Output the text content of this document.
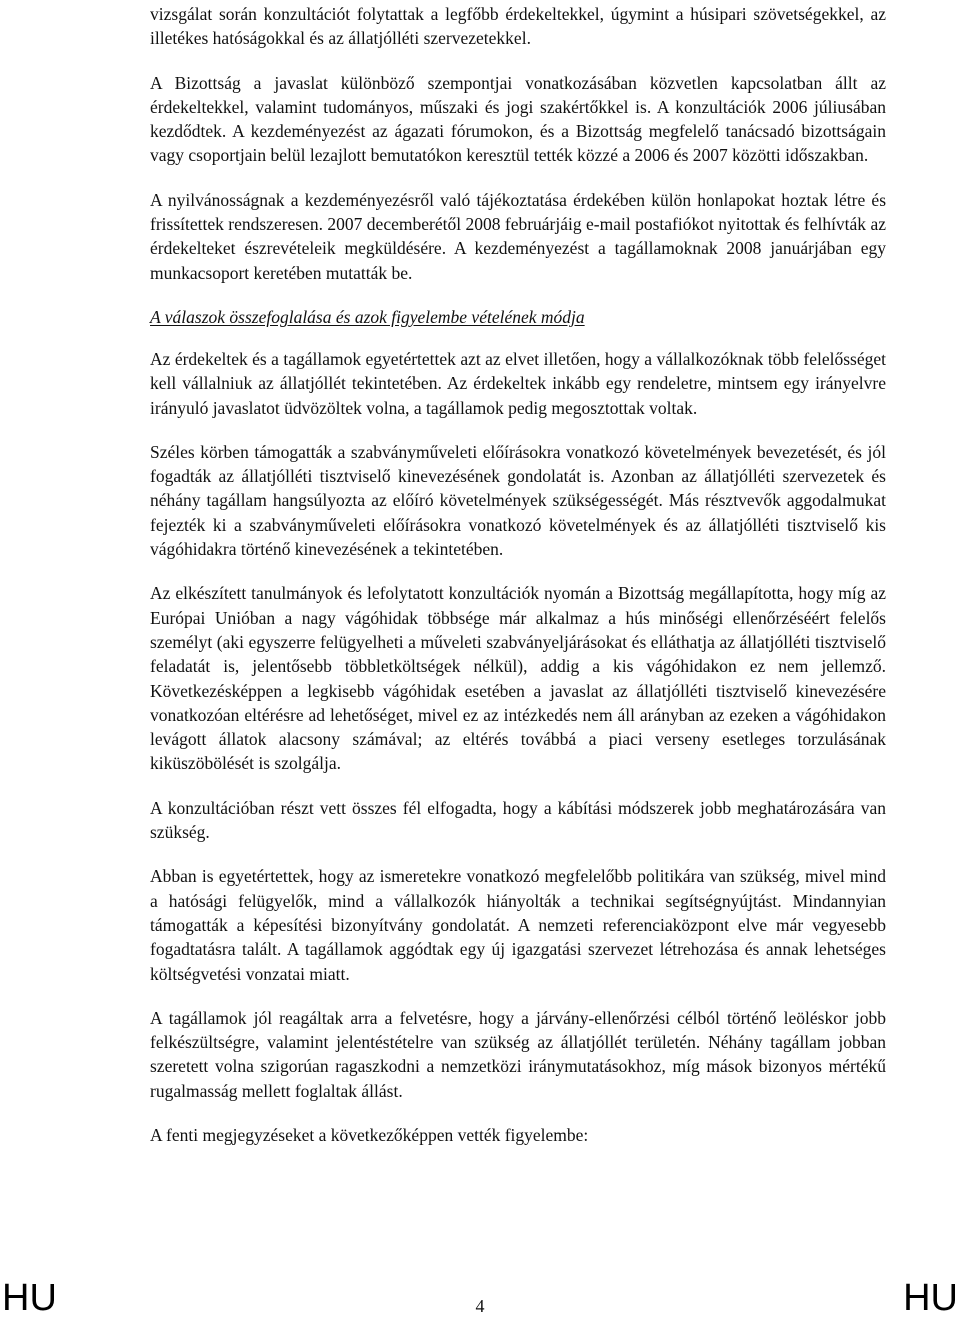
vizsgálat során konzultációt folytattak a legfőbb érdekeltekkel, úgymint a húsipari szövetségekkel, az illetékes hatóságokkal és az állatjólléti szervezetekkel.

A Bizottság a javaslat különböző szempontjai vonatkozásában közvetlen kapcsolatban állt az érdekeltekkel, valamint tudományos, műszaki és jogi szakértőkkel is. A konzultációk 2006 júliusában kezdődtek. A kezdeményezést az ágazati fórumokon, és a Bizottság megfelelő tanácsadó bizottságain vagy csoportjain belül lezajlott bemutatókon keresztül tették közzé a 2006 és 2007 közötti időszakban.

A nyilvánosságnak a kezdeményezésről való tájékoztatása érdekében külön honlapokat hoztak létre és frissítettek rendszeresen. 2007 decemberétől 2008 februárjáig e-mail postafiókot nyitottak és felhívták az érdekelteket észrevételeik megküldésére. A kezdeményezést a tagállamoknak 2008 januárjában egy munkacsoport keretében mutatták be.

A válaszok összefoglalása és azok figyelembe vételének módja

Az érdekeltek és a tagállamok egyetértettek azt az elvet illetően, hogy a vállalkozóknak több felelősséget kell vállalniuk az állatjóllét tekintetében. Az érdekeltek inkább egy rendeletre, mintsem egy irányelvre irányuló javaslatot üdvözöltek volna, a tagállamok pedig megosztottak voltak.

Széles körben támogatták a szabványműveleti előírásokra vonatkozó követelmények bevezetését, és jól fogadták az állatjólléti tisztviselő kinevezésének gondolatát is. Azonban az állatjólléti szervezetek és néhány tagállam hangsúlyozta az előíró követelmények szükségességét. Más résztvevők aggodalmukat fejezték ki a szabványműveleti előírásokra vonatkozó követelmények és az állatjólléti tisztviselő kis vágóhidakra történő kinevezésének a tekintetében.

Az elkészített tanulmányok és lefolytatott konzultációk nyomán a Bizottság megállapította, hogy míg az Európai Unióban a nagy vágóhidak többsége már alkalmaz a hús minőségi ellenőrzéséért felelős személyt (aki egyszerre felügyelheti a műveleti szabványeljárásokat és elláthatja az állatjólléti tisztviselő feladatát is, jelentősebb többletköltségek nélkül), addig a kis vágóhidakon ez nem jellemző. Következésképpen a legkisebb vágóhidak esetében a javaslat az állatjólléti tisztviselő kinevezésére vonatkozóan eltérésre ad lehetőséget, mivel ez az intézkedés nem áll arányban az ezeken a vágóhidakon levágott állatok alacsony számával; az eltérés továbbá a piaci verseny esetleges torzulásának kiküszöbölését is szolgálja.

A konzultációban részt vett összes fél elfogadta, hogy a kábítási módszerek jobb meghatározására van szükség.

Abban is egyetértettek, hogy az ismeretekre vonatkozó megfelelőbb politikára van szükség, mivel mind a hatósági felügyelők, mind a vállalkozók hiányolták a technikai segítségnyújtást. Mindannyian támogatták a képesítési bizonyítvány gondolatát. A nemzeti referenciaközpont elve már vegyesebb fogadtatásra talált. A tagállamok aggódtak egy új igazgatási szervezet létrehozása és annak lehetséges költségvetési vonzatai miatt.

A tagállamok jól reagáltak arra a felvetésre, hogy a járvány-ellenőrzési célból történő leöléskor jobb felkészültségre, valamint jelentéstételre van szükség az állatjóllét területén. Néhány tagállam jobban szeretett volna szigorúan ragaszkodni a nemzetközi iránymutatásokhoz, míg mások bizonyos mértékű rugalmasság mellett foglaltak állást.

A fenti megjegyzéseket a következőképpen vették figyelembe:

HU	4	HU
